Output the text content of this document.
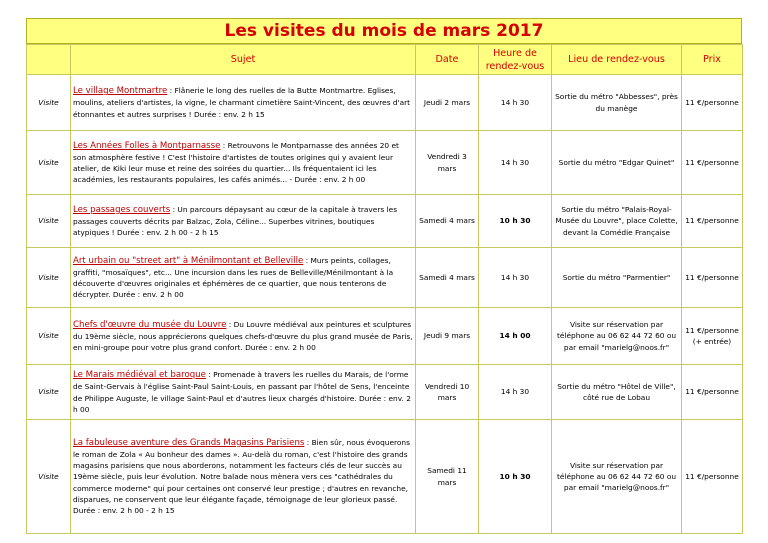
Les visites du mois de mars 2017
	Sujet	Date	Heure de rendez-vous	Lieu de rendez-vous	Prix
Visite	Le village Montmartre : Flânerie le long des ruelles de la Butte Montmartre. Eglises, moulins, ateliers d'artistes, la vigne, le charmant cimetière Saint-Vincent, des œuvres d'art étonnantes et autres surprises ! Durée : env. 2 h 15	Jeudi 2 mars	14 h 30	Sortie du métro "Abbesses", près du manège	11 €/personne
Visite	Les Années Folles à Montparnasse : Retrouvons le Montparnasse des années 20 et son atmosphère festive ! C'est l'histoire d'artistes de toutes origines qui y avaient leur atelier, de Kiki leur muse et reine des soirées du quartier... Ils fréquentaient ici les académies, les restaurants populaires, les cafés animés... - Durée : env. 2 h 00	Vendredi 3 mars	14 h 30	Sortie du métro "Edgar Quinet"	11 €/personne
Visite	Les passages couverts : Un parcours dépaysant au cœur de la capitale à travers les passages couverts décrits par Balzac, Zola, Céline... Superbes vitrines, boutiques atypiques ! Durée : env. 2 h 00 - 2 h 15	Samedi 4 mars	10 h 30	Sortie du métro "Palais-Royal-Musée du Louvre", place Colette, devant la Comédie Française	11 €/personne
Visite	Art urbain ou "street art" à Ménilmontant et Belleville : Murs peints, collages, graffiti, "mosaïques", etc... Une incursion dans les rues de Belleville/Ménilmontant à la découverte d'œuvres originales et éphémères de ce quartier, que nous tenterons de décrypter. Durée : env. 2 h 00	Samedi 4 mars	14 h 30	Sortie du métro "Parmentier"	11 €/personne
Visite	Chefs d'œuvre du musée du Louvre : Du Louvre médiéval aux peintures et sculptures du 19ème siècle, nous apprécierons quelques chefs-d'œuvre du plus grand musée de Paris, en mini-groupe pour votre plus grand confort. Durée : env. 2 h 00	Jeudi 9 mars	14 h 00	Visite sur réservation par téléphone au 06 62 44 72 60 ou par email "marielg@noos.fr"	11 €/personne (+ entrée)
Visite	Le Marais médiéval et baroque : Promenade à travers les ruelles du Marais, de l'orme de Saint-Gervais à l'église Saint-Paul Saint-Louis, en passant par l'hôtel de Sens, l'enceinte de Philippe Auguste, le village Saint-Paul et d'autres lieux chargés d'histoire. Durée : env. 2 h 00	Vendredi 10 mars	14 h 30	Sortie du métro "Hôtel de Ville", côté rue de Lobau	11 €/personne
Visite	La fabuleuse aventure des Grands Magasins Parisiens : Bien sûr, nous évoquerons le roman de Zola « Au bonheur des dames ». Au-delà du roman, c'est l'histoire des grands magasins parisiens que nous aborderons, notamment les facteurs clés de leur succès au 19ème siècle, puis leur évolution. Notre balade nous mènera vers ces "cathédrales du commerce moderne" qui pour certaines ont conservé leur prestige ; d'autres en revanche, disparues, ne conservent que leur élégante façade, témoignage de leur glorieux passé. Durée : env. 2 h 00 - 2 h 15	Samedi 11 mars	10 h 30	Visite sur réservation par téléphone au 06 62 44 72 60 ou par email "marielg@noos.fr"	11 €/personne
